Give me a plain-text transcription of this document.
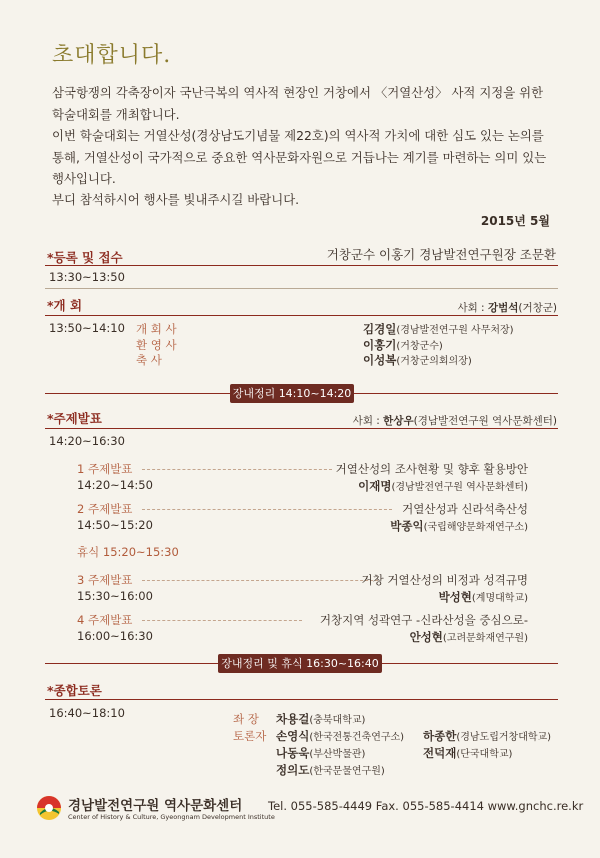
초대합니다.
삼국항쟁의 각축장이자 국난극복의 역사적 현장인 거창에서 〈거열산성〉 사적 지정을 위한 학술대회를 개최합니다.
이번 학술대회는 거열산성(경상남도기념물 제22호)의 역사적 가치에 대한 심도 있는 논의를 통해, 거열산성이 국가적으로 중요한 역사문화자원으로 거듭나는 계기를 마련하는 의미 있는 행사입니다.
부디 참석하시어 행사를 빛내주시길 바랍니다.
2015년 5월
거창군수 이홍기 경남발전연구원장 조문환
*등록 및 접수
13:30~13:50
*개 회	사회 : 강범석(거창군)
13:50~14:10 개 회 사	김경일(경남발전연구원 사무처장)
환 영 사	이홍기(거창군수)
축 사	이성복(거창군의회의장)
장내정리 14:10~14:20
*주제발표	사회 : 한상우(경남발전연구원 역사문화센터)
14:20~16:30
1 주제발표	거열산성의 조사현황 및 향후 활용방안
14:20~14:50	이재명(경남발전연구원 역사문화센터)
2 주제발표	거열산성과 신라석축산성
14:50~15:20	박종익(국립해양문화재연구소)
휴식 15:20~15:30
3 주제발표	거창 거열산성의 비정과 성격규명
15:30~16:00	박성현(계명대학교)
4 주제발표	거창지역 성곽연구 -신라산성을 중심으로-
16:00~16:30	안성현(고려문화재연구원)
장내정리 및 휴식 16:30~16:40
*종합토론
16:40~18:10	좌 장 차용걸(충북대학교)
토론자 손영식(한국전통건축연구소) 하종한(경남도립거창대학교)
나동욱(부산박물관)	전덕재(단국대학교)
정의도(한국문물연구원)
경남발전연구원 역사문화센터
Center of History & Culture, Gyeongnam Development Institute
Tel. 055-585-4449 Fax. 055-585-4414 www.gnchc.re.kr
